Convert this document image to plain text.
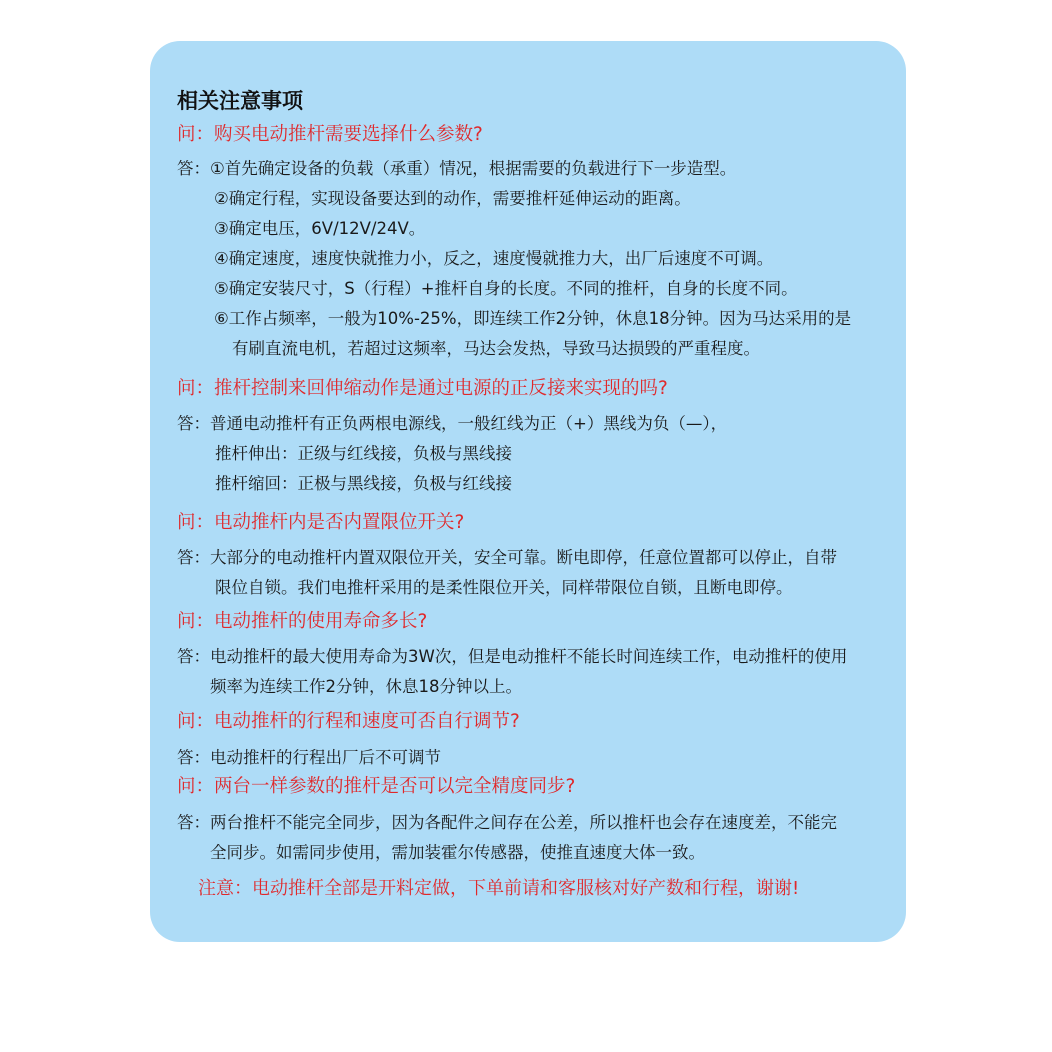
相关注意事项
问：购买电动推杆需要选择什么参数?
答：①首先确定设备的负载（承重）情况，根据需要的负载进行下一步造型。
②确定行程，实现设备要达到的动作，需要推杆延伸运动的距离。
③确定电压，6V/12V/24V。
④确定速度，速度快就推力小，反之，速度慢就推力大，出厂后速度不可调。
⑤确定安装尺寸，S（行程）+推杆自身的长度。不同的推杆，自身的长度不同。
⑥工作占频率，一般为10%-25%，即连续工作2分钟，休息18分钟。因为马达采用的是
有刷直流电机，若超过这频率，马达会发热，导致马达损毁的严重程度。
问：推杆控制来回伸缩动作是通过电源的正反接来实现的吗?
答：普通电动推杆有正负两根电源线，一般红线为正（+）黑线为负（—），
推杆伸出：正级与红线接，负极与黑线接
推杆缩回：正极与黑线接，负极与红线接
问：电动推杆内是否内置限位开关?
答：大部分的电动推杆内置双限位开关，安全可靠。断电即停，任意位置都可以停止，自带
限位自锁。我们电推杆采用的是柔性限位开关，同样带限位自锁，且断电即停。
问：电动推杆的使用寿命多长?
答：电动推杆的最大使用寿命为3W次，但是电动推杆不能长时间连续工作，电动推杆的使用
频率为连续工作2分钟，休息18分钟以上。
问：电动推杆的行程和速度可否自行调节?
答：电动推杆的行程出厂后不可调节
问：两台一样参数的推杆是否可以完全精度同步?
答：两台推杆不能完全同步，因为各配件之间存在公差，所以推杆也会存在速度差，不能完
全同步。如需同步使用，需加装霍尔传感器，使推直速度大体一致。
注意：电动推杆全部是开料定做，下单前请和客服核对好产数和行程，谢谢!
